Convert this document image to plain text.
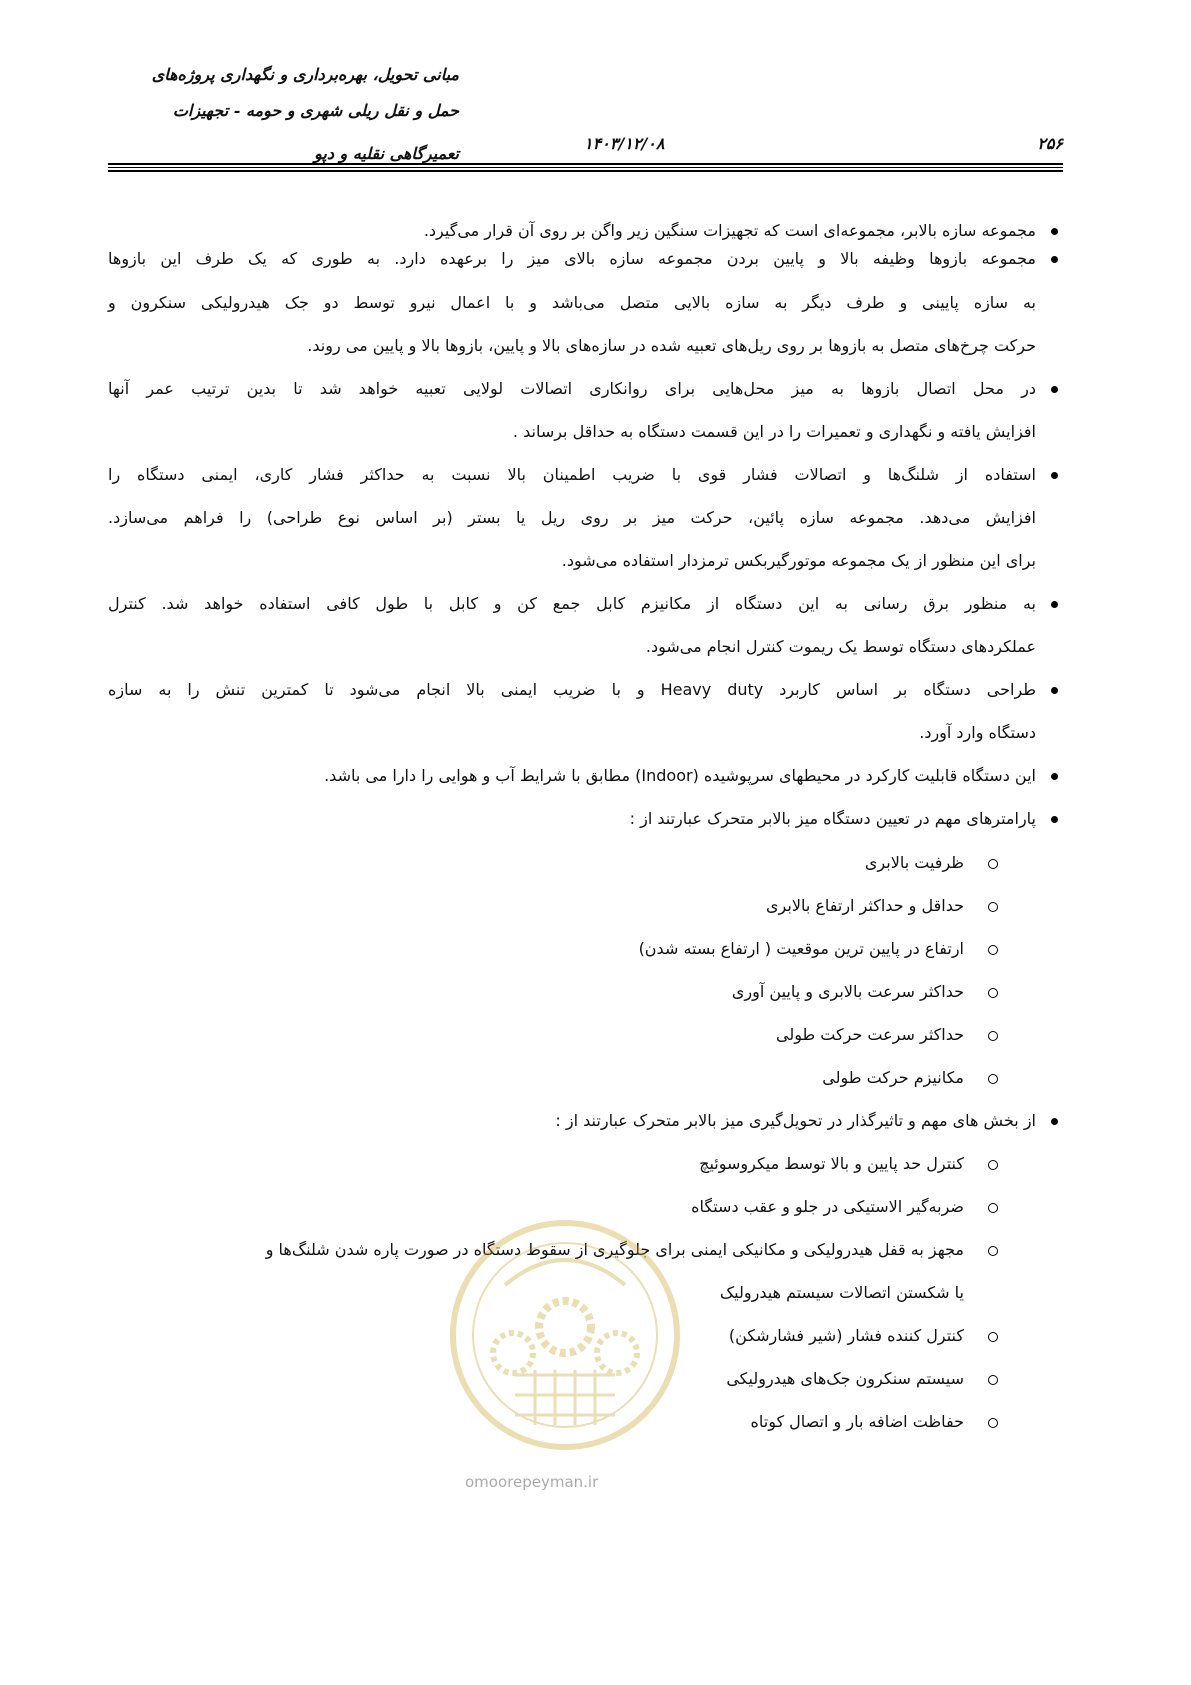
مبانی تحویل، بهره‌برداری و نگهداری پروژه‌های
حمل و نقل ریلی شهری و حومه - تجهیزات
تعمیرگاهی نقلیه و دپو
۱۴۰۳/۱۲/۰۸	۲۵۶
مجموعه سازه بالابر، مجموعه‌ای است که تجهیزات سنگین زیر واگن بر روی آن قرار می‌گیرد.
مجموعه بازوها وظیفه بالا و پایین بردن مجموعه سازه بالای میز را برعهده دارد. به طوری که یک طرف این بازوها
به سازه پایینی و طرف دیگر به سازه بالایی متصل می‌باشد و با اعمال نیرو توسط دو جک هیدرولیکی سنکرون و
حرکت چرخ‌های متصل به بازوها بر روی ریل‌های تعبیه شده در سازه‌های بالا و پایین، بازوها بالا و پایین می روند.
در محل اتصال بازوها به میز محل‌هایی برای روانکاری اتصالات لولایی تعبیه خواهد شد تا بدین ترتیب عمر آنها
افزایش یافته و نگهداری و تعمیرات را در این قسمت دستگاه به حداقل برساند .
استفاده از شلنگ‌ها و اتصالات فشار قوی با ضریب اطمینان بالا نسبت به حداکثر فشار کاری، ایمنی دستگاه را
افزایش می‌دهد. مجموعه سازه پائین، حرکت میز بر روی ریل یا بستر (بر اساس نوع طراحی) را فراهم می‌سازد.
برای این منظور از یک مجموعه موتورگیربکس ترمزدار استفاده می‌شود.
به منظور برق رسانی به این دستگاه از مکانیزم کابل جمع کن و کابل با طول کافی استفاده خواهد شد. کنترل
عملکردهای دستگاه توسط یک ریموت کنترل انجام می‌شود.
طراحی دستگاه بر اساس کاربرد Heavy duty و با ضریب ایمنی بالا انجام می‌شود تا کمترین تنش را به سازه
دستگاه وارد آورد.
این دستگاه قابلیت کارکرد در محیطهای سرپوشیده (Indoor) مطابق با شرایط آب و هوایی را دارا می باشد.
پارامترهای مهم در تعیین دستگاه میز بالابر متحرک عبارتند از :
ظرفیت بالابری
حداقل و حداکثر ارتفاع بالابری
ارتفاع در پایین ترین موقعیت ( ارتفاع بسته شدن)
حداکثر سرعت بالابری و پایین آوری
حداکثر سرعت حرکت طولی
مکانیزم حرکت طولی
از بخش های مهم و تاثیرگذار در تحویل‌گیری میز بالابر متحرک عبارتند از :
کنترل حد پایین و بالا توسط میکروسوئیچ
ضربه‌گیر الاستیکی در جلو و عقب دستگاه
مجهز به قفل هیدرولیکی و مکانیکی ایمنی برای جلوگیری از سقوط دستگاه در صورت پاره شدن شلنگ‌ها و
یا شکستن اتصالات سیستم هیدرولیک
کنترل کننده فشار (شیر فشارشکن)
سیستم سنکرون جک‌های هیدرولیکی
حفاظت اضافه بار و اتصال کوتاه
omoorepeyman.ir
